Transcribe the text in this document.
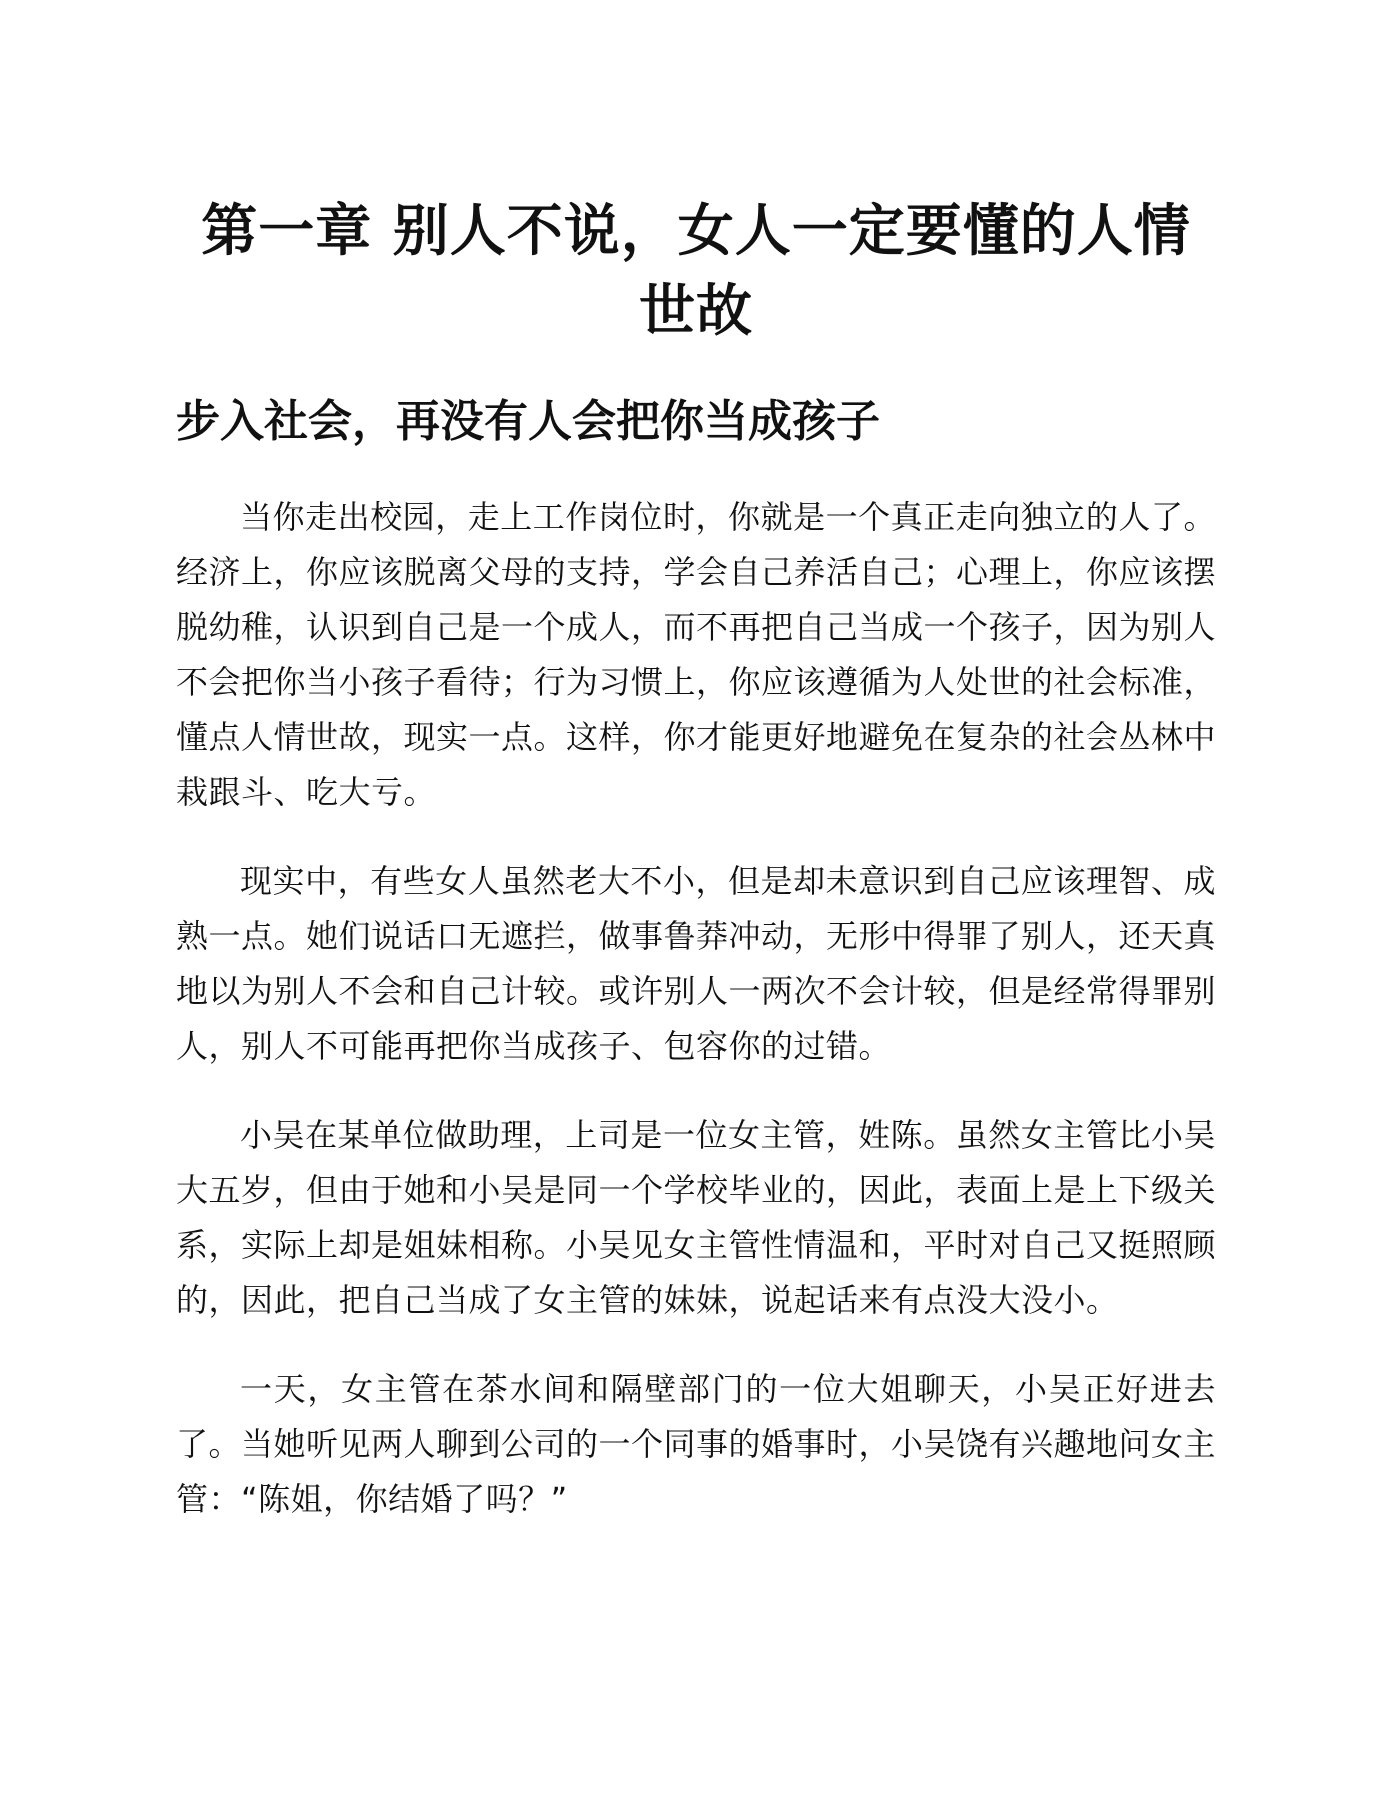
第一章 别人不说，女人一定要懂的人情世故
步入社会，再没有人会把你当成孩子

当你走出校园，走上工作岗位时，你就是一个真正走向独立的人了。经济上，你应该脱离父母的支持，学会自己养活自己；心理上，你应该摆脱幼稚，认识到自己是一个成人，而不再把自己当成一个孩子，因为别人不会把你当小孩子看待；行为习惯上，你应该遵循为人处世的社会标准，懂点人情世故，现实一点。这样，你才能更好地避免在复杂的社会丛林中栽跟斗、吃大亏。

现实中，有些女人虽然老大不小，但是却未意识到自己应该理智、成熟一点。她们说话口无遮拦，做事鲁莽冲动，无形中得罪了别人，还天真地以为别人不会和自己计较。或许别人一两次不会计较，但是经常得罪别人，别人不可能再把你当成孩子、包容你的过错。

小吴在某单位做助理，上司是一位女主管，姓陈。虽然女主管比小吴大五岁，但由于她和小吴是同一个学校毕业的，因此，表面上是上下级关系，实际上却是姐妹相称。小吴见女主管性情温和，平时对自己又挺照顾的，因此，把自己当成了女主管的妹妹，说起话来有点没大没小。

一天，女主管在茶水间和隔壁部门的一位大姐聊天，小吴正好进去了。当她听见两人聊到公司的一个同事的婚事时，小吴饶有兴趣地问女主管：“陈姐，你结婚了吗？”
